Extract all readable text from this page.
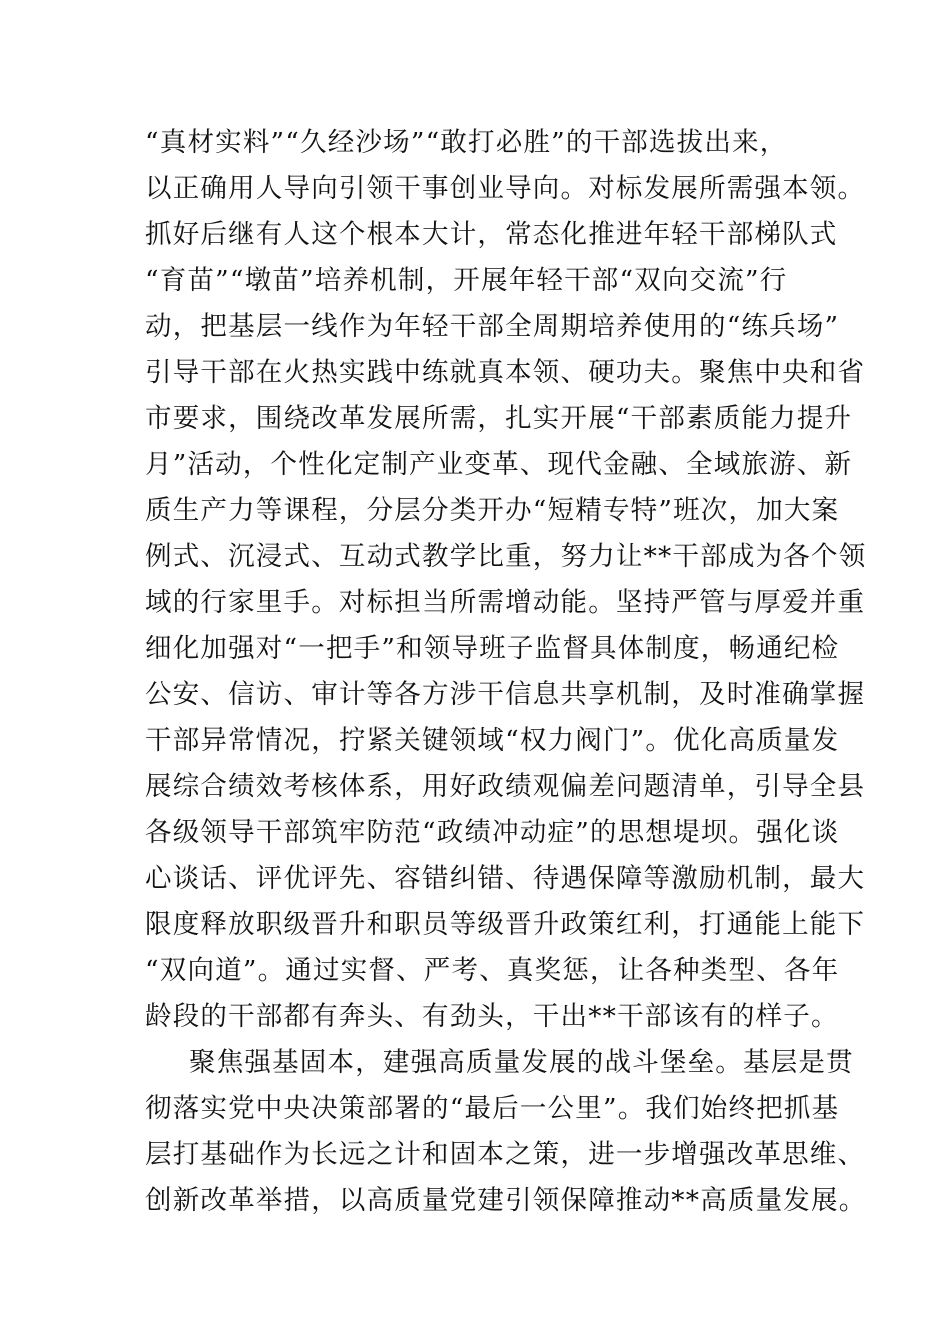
“真材实料”“久经沙场”“敢打必胜”的干部选拔出来，
以正确用人导向引领干事创业导向。对标发展所需强本领。
抓好后继有人这个根本大计，常态化推进年轻干部梯队式
“育苗”“墩苗”培养机制，开展年轻干部“双向交流”行
动，把基层一线作为年轻干部全周期培养使用的“练兵场”
引导干部在火热实践中练就真本领、硬功夫。聚焦中央和省
市要求，围绕改革发展所需，扎实开展“干部素质能力提升
月”活动，个性化定制产业变革、现代金融、全域旅游、新
质生产力等课程，分层分类开办“短精专特”班次，加大案
例式、沉浸式、互动式教学比重，努力让**干部成为各个领
域的行家里手。对标担当所需增动能。坚持严管与厚爱并重
细化加强对“一把手”和领导班子监督具体制度，畅通纪检
公安、信访、审计等各方涉干信息共享机制，及时准确掌握
干部异常情况，拧紧关键领域“权力阀门”。优化高质量发
展综合绩效考核体系，用好政绩观偏差问题清单，引导全县
各级领导干部筑牢防范“政绩冲动症”的思想堤坝。强化谈
心谈话、评优评先、容错纠错、待遇保障等激励机制，最大
限度释放职级晋升和职员等级晋升政策红利，打通能上能下
“双向道”。通过实督、严考、真奖惩，让各种类型、各年
龄段的干部都有奔头、有劲头，干出**干部该有的样子。
聚焦强基固本，建强高质量发展的战斗堡垒。基层是贯
彻落实党中央决策部署的“最后一公里”。我们始终把抓基
层打基础作为长远之计和固本之策，进一步增强改革思维、
创新改革举措，以高质量党建引领保障推动**高质量发展。
